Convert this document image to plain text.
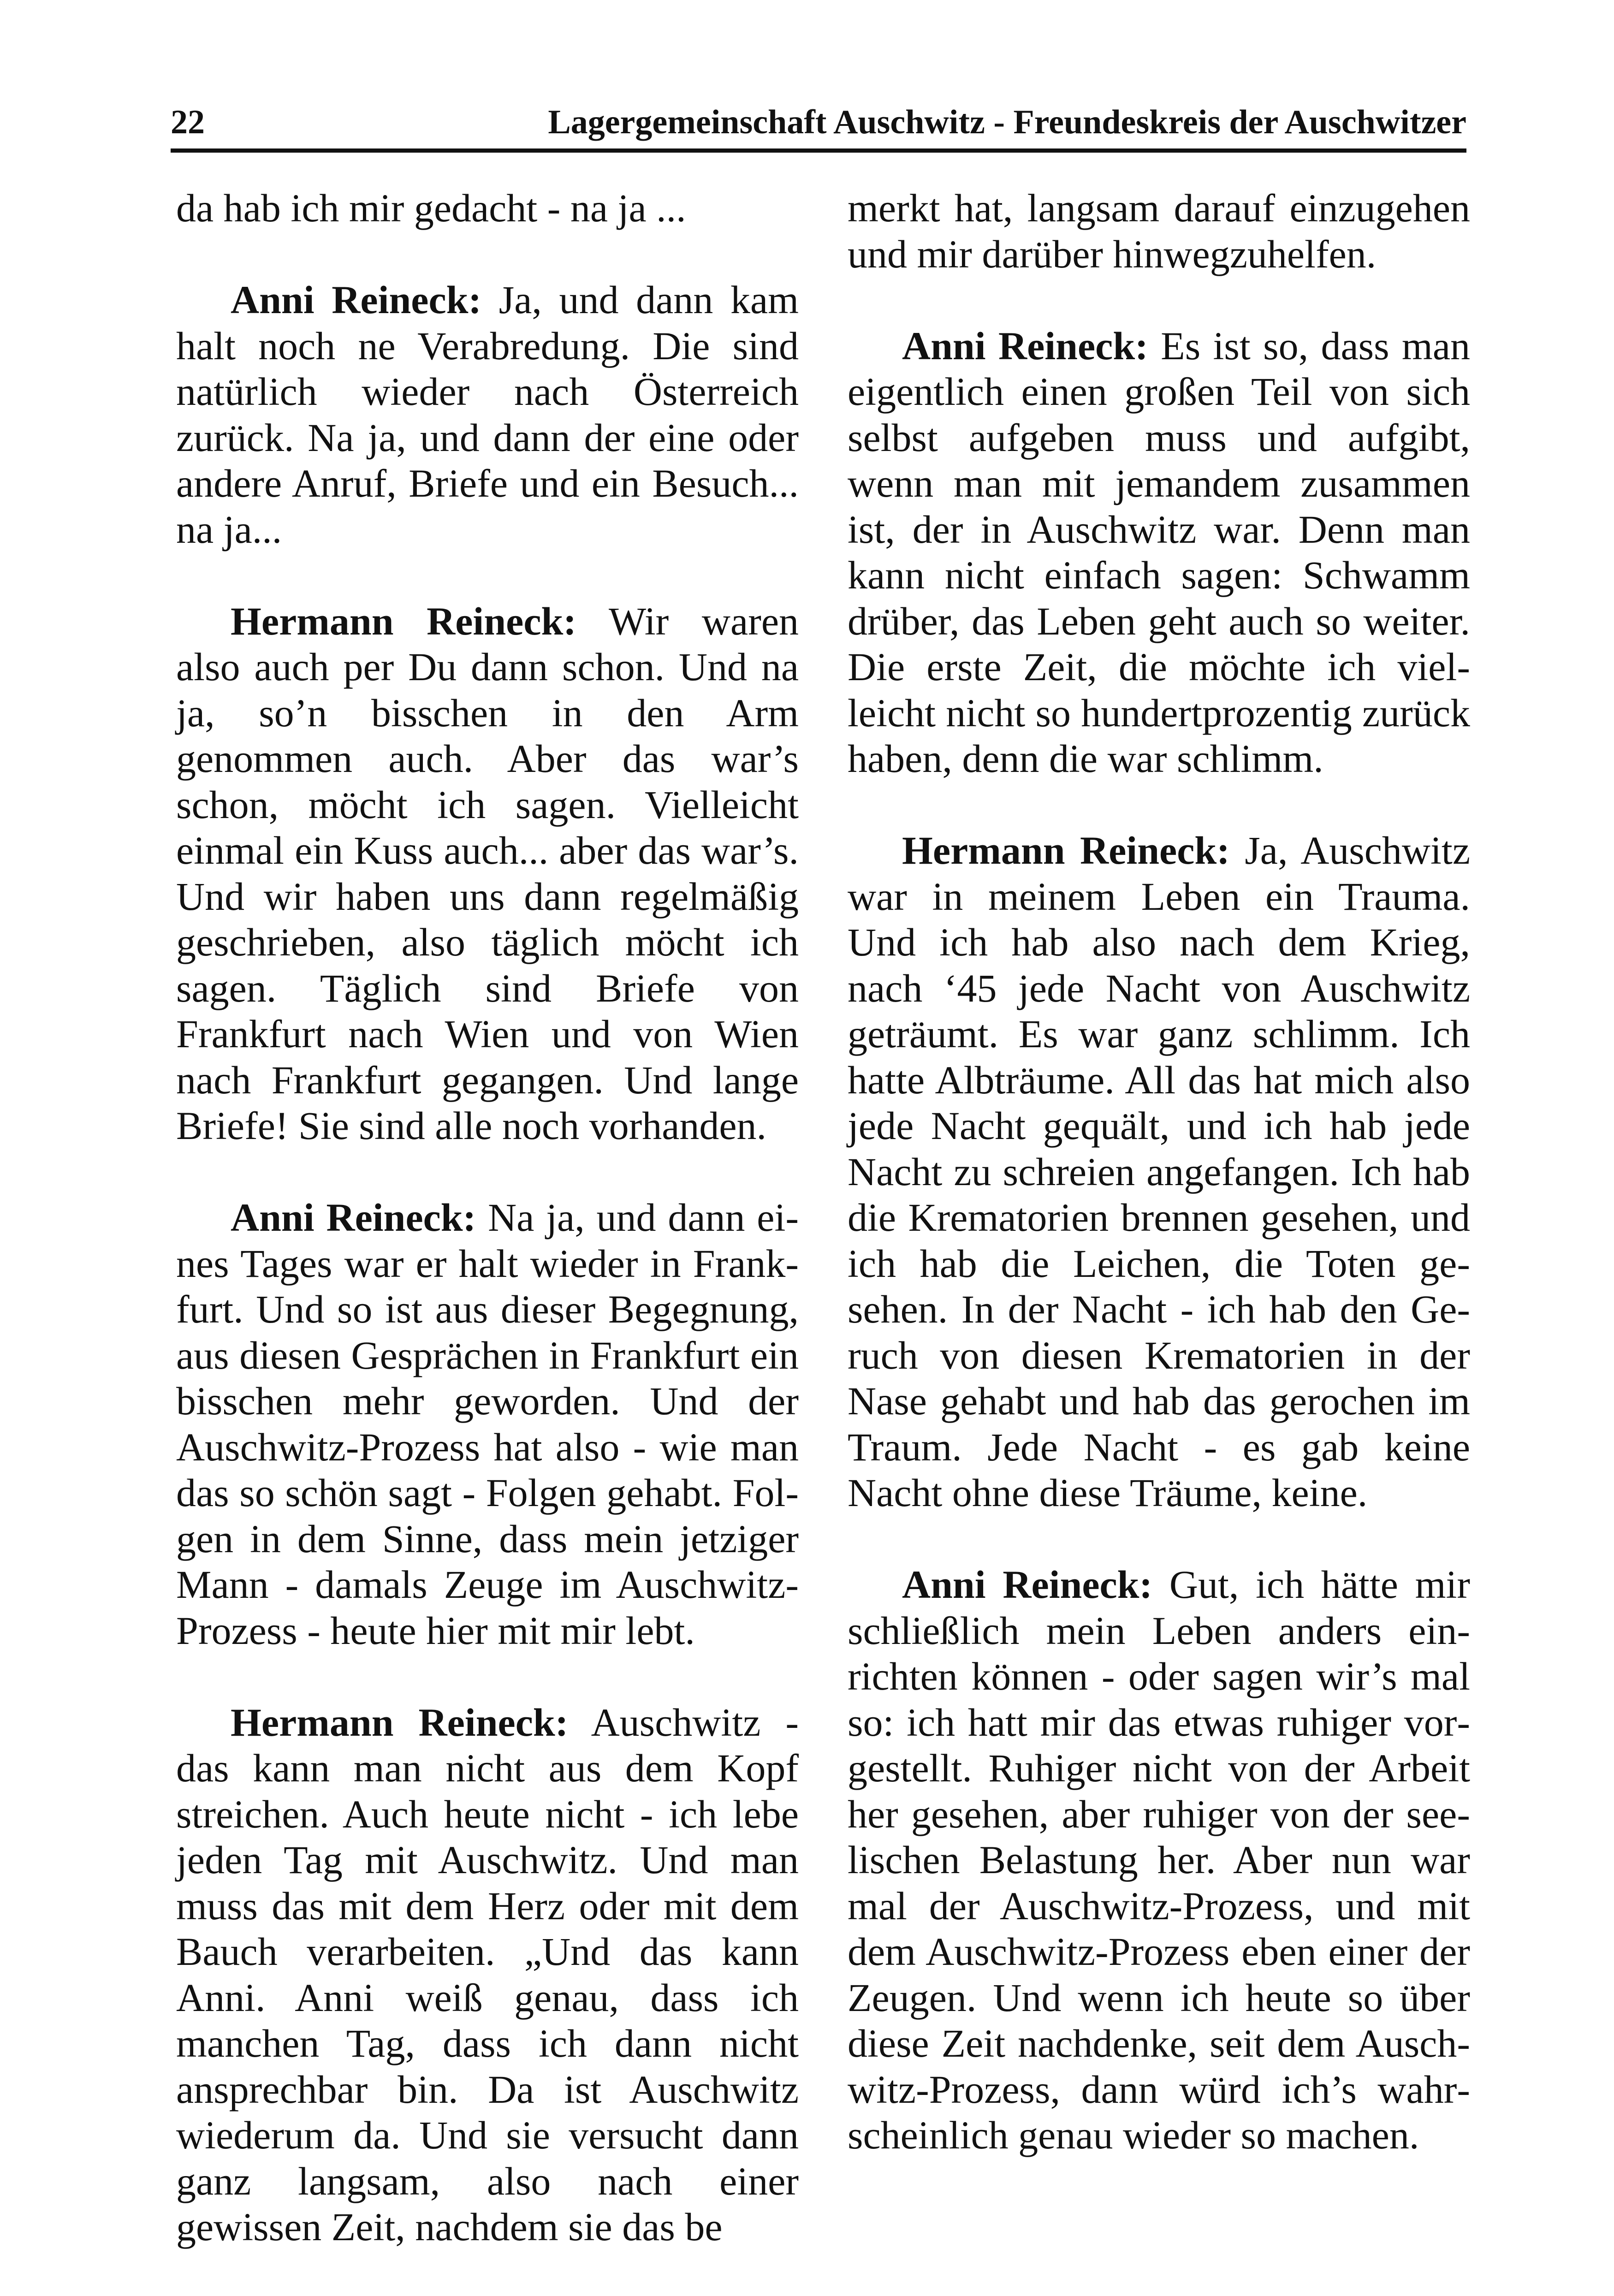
22	Lagergemeinschaft Auschwitz - Freundeskreis der Auschwitzer

da hab ich mir gedacht - na ja ...

Anni Reineck: Ja, und dann kam halt noch ne Verabredung. Die sind natürlich wieder nach Österreich zurück. Na ja, und dann der eine oder andere Anruf, Briefe und ein Besuch... na ja...

Hermann Reineck: Wir waren also auch per Du dann schon. Und na ja, so’n bisschen in den Arm genommen auch. Aber das war’s schon, möcht ich sagen. Vielleicht einmal ein Kuss auch... aber das war’s. Und wir haben uns dann regelmäßig geschrieben, also täglich möcht ich sagen. Täglich sind Briefe von Frankfurt nach Wien und von Wien nach Frankfurt gegangen. Und lange Briefe! Sie sind alle noch vorhanden.

Anni Reineck: Na ja, und dann eines Tages war er halt wieder in Frankfurt. Und so ist aus dieser Begegnung, aus diesen Gesprächen in Frankfurt ein bisschen mehr geworden. Und der Auschwitz-Prozess hat also - wie man das so schön sagt - Folgen gehabt. Folgen in dem Sinne, dass mein jetziger Mann - damals Zeuge im Auschwitz-Prozess - heute hier mit mir lebt.

Hermann Reineck: Auschwitz - das kann man nicht aus dem Kopf streichen. Auch heute nicht - ich lebe jeden Tag mit Auschwitz. Und man muss das mit dem Herz oder mit dem Bauch verarbeiten. „Und das kann Anni. Anni weiß genau, dass ich manchen Tag, dass ich dann nicht ansprechbar bin. Da ist Auschwitz wiederum da. Und sie versucht dann ganz langsam, also nach einer gewissen Zeit, nachdem sie das be

merkt hat, langsam darauf einzugehen und mir darüber hinwegzuhelfen.

Anni Reineck: Es ist so, dass man eigentlich einen großen Teil von sich selbst aufgeben muss und aufgibt, wenn man mit jemandem zusammen ist, der in Auschwitz war. Denn man kann nicht einfach sagen: Schwamm drüber, das Leben geht auch so weiter. Die erste Zeit, die möchte ich vielleicht nicht so hundertprozentig zurück haben, denn die war schlimm.

Hermann Reineck: Ja, Auschwitz war in meinem Leben ein Trauma. Und ich hab also nach dem Krieg, nach ‘45 jede Nacht von Auschwitz geträumt. Es war ganz schlimm. Ich hatte Albträume. All das hat mich also jede Nacht gequält, und ich hab jede Nacht zu schreien angefangen. Ich hab die Krematorien brennen gesehen, und ich hab die Leichen, die Toten gesehen. In der Nacht - ich hab den Geruch von diesen Krematorien in der Nase gehabt und hab das gerochen im Traum. Jede Nacht - es gab keine Nacht ohne diese Träume, keine.

Anni Reineck: Gut, ich hätte mir schließlich mein Leben anders einrichten können - oder sagen wir’s mal so: ich hatt mir das etwas ruhiger vorgestellt. Ruhiger nicht von der Arbeit her gesehen, aber ruhiger von der seelischen Belastung her. Aber nun war mal der Auschwitz-Prozess, und mit dem Auschwitz-Prozess eben einer der Zeugen. Und wenn ich heute so über diese Zeit nachdenke, seit dem Auschwitz-Prozess, dann würd ich’s wahrscheinlich genau wieder so machen.
